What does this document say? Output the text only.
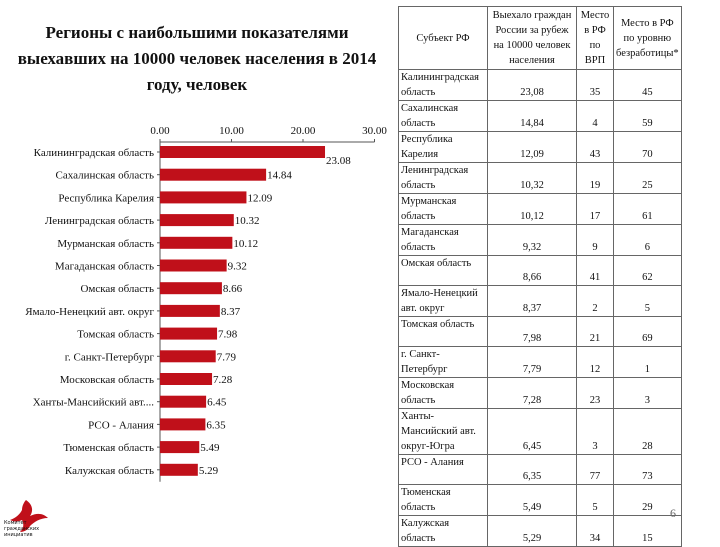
Регионы с наибольшими показателями выехавших на 10000 человек населения в 2014 году, человек
0.00	10.00	20.00	30.00
Калининградская область
23.08
Сахалинская область	14.84
Республика Карелия	12.09
Ленинградская область	10.32
Мурманская область	10.12
Магаданская область	9.32
Омская область	8.66
Ямало-Ненецкий авт. округ	8.37
Томская область	7.98
г. Санкт-Петербург	7.79
Московская область	7.28
Ханты-Мансийский авт....	6.45
РСО - Алания	6.35
Тюменская область	5.49
Калужская область	5.29
Субъект РФ	Выехало граждан России за рубеж на 10000 человек населения	Место в РФ по ВРП	Место в РФ по уровню безработицы*
Калининградская область	23,08	35	45
Сахалинская область	14,84	4	59
Республика Карелия	12,09	43	70
Ленинградская область	10,32	19	25
Мурманская область	10,12	17	61
Магаданская область	9,32	9	6
Омская область	8,66	41	62
Ямало-Ненецкий авт. округ	8,37	2	5
Томская область	7,98	21	69
г. Санкт-Петербург	7,79	12	1
Московская область	7,28	23	3
Ханты-Мансийский авт. округ-Югра	6,45	3	28
РСО - Алания	6,35	77	73
Тюменская область	5,49	5	29
Калужская область	5,29	34	15
Комитет гражданских инициатив
6
